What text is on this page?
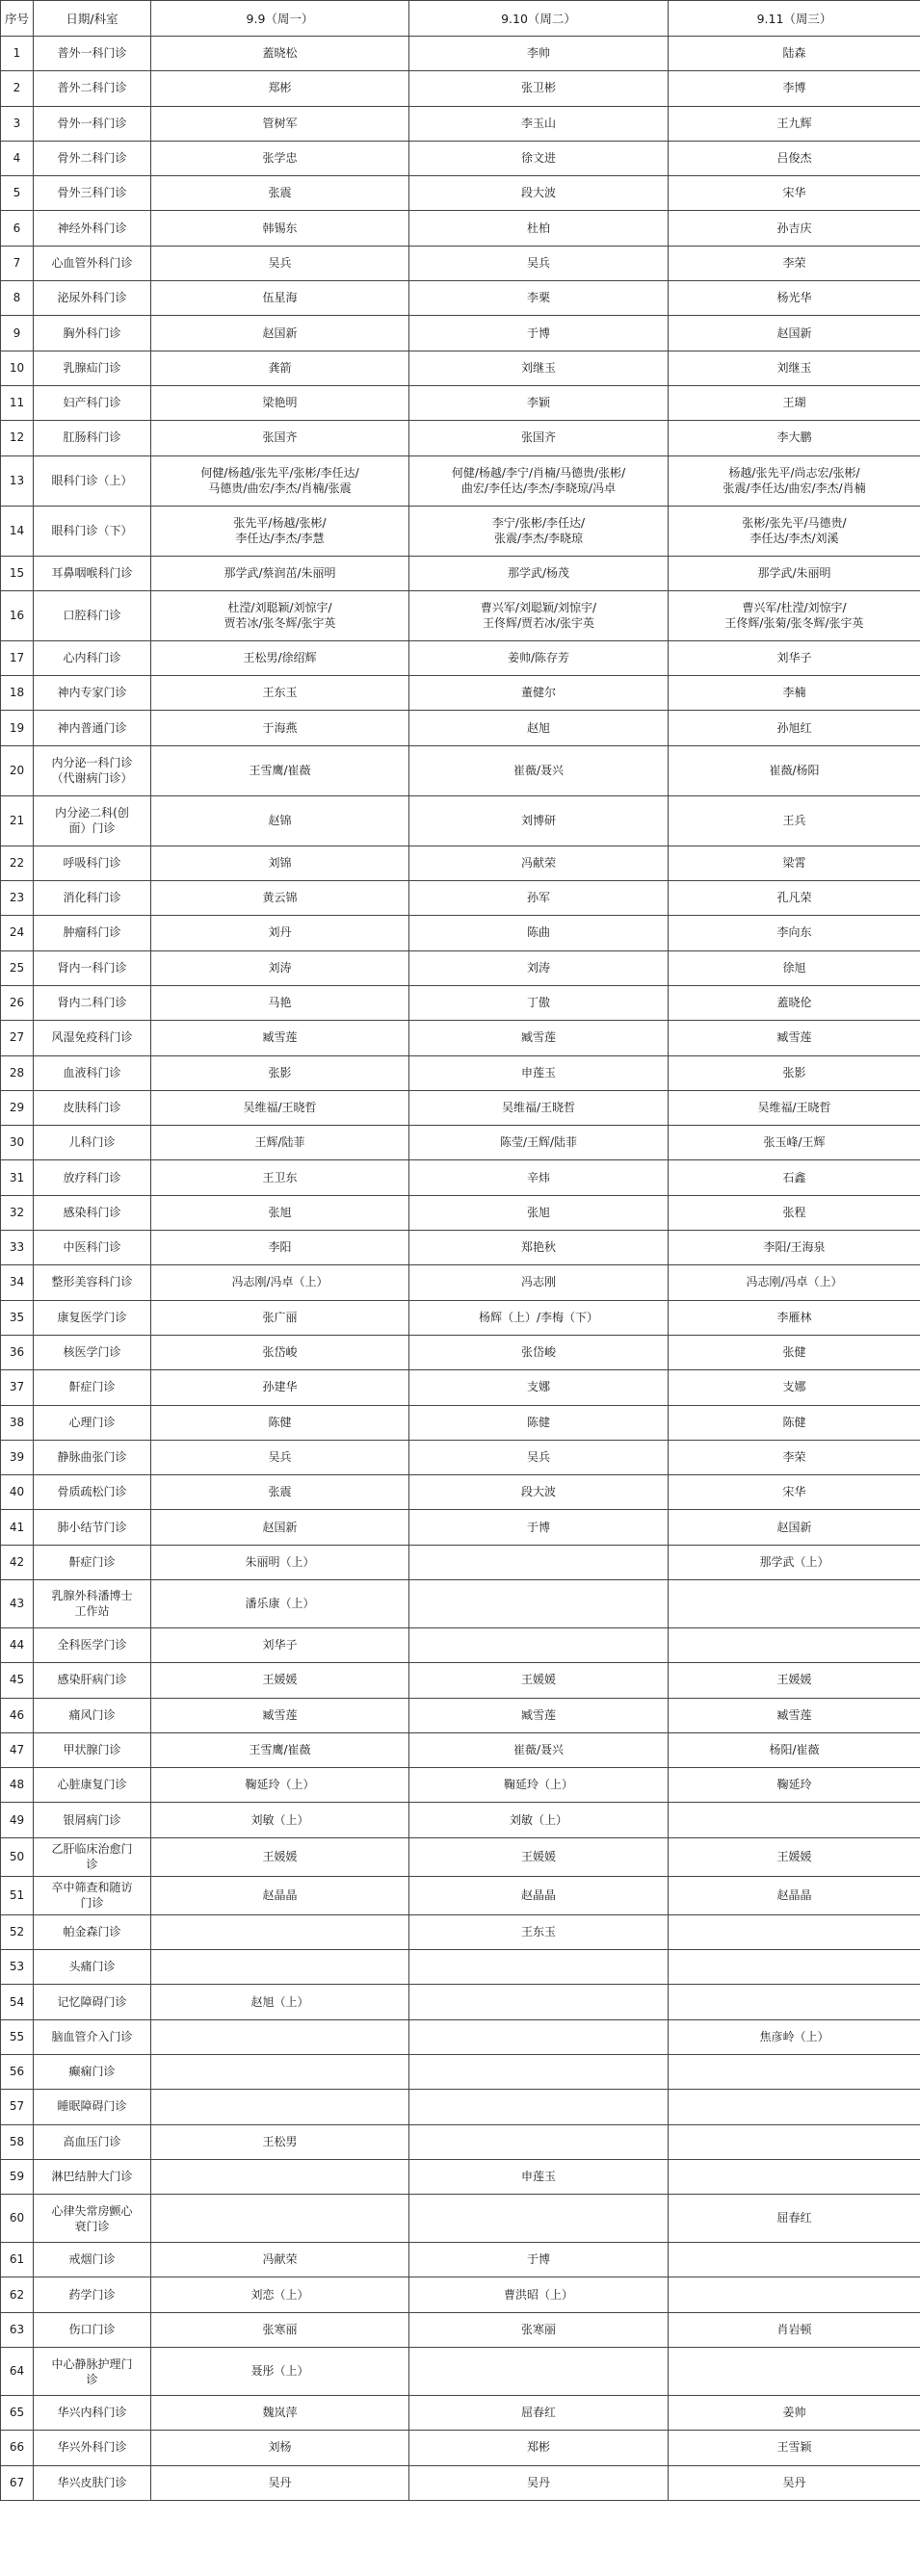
序号	日期/科室	9.9（周一）	9.10（周二）	9.11（周三）
1	普外一科门诊	蓋晓松	李帅	陆森
2	普外二科门诊	郑彬	张卫彬	李博
3	骨外一科门诊	管树军	李玉山	王九辉
4	骨外二科门诊	张学忠	徐文进	吕俊杰
5	骨外三科门诊	张震	段大波	宋华
6	神经外科门诊	韩锡东	杜柏	孙吉庆
7	心血管外科门诊	吴兵	吴兵	李荣
8	泌尿外科门诊	伍星海	李栗	杨光华
9	胸外科门诊	赵国新	于博	赵国新
10	乳腺疝门诊	龚箭	刘继玉	刘继玉
11	妇产科门诊	梁艳明	李颖	王瑚
12	肛肠科门诊	张国齐	张国齐	李大鹏
13	眼科门诊（上）	何健/杨越/张先平/张彬/李任达/
马德贵/曲宏/李杰/肖楠/张震	何健/杨越/李宁/肖楠/马德贵/张彬/
曲宏/李任达/李杰/李晓琼/冯卓	杨越/张先平/尚志宏/张彬/
张震/李任达/曲宏/李杰/肖楠
14	眼科门诊（下）	张先平/杨越/张彬/
李任达/李杰/李慧	李宁/张彬/李任达/
张震/李杰/李晓琼	张彬/张先平/马德贵/
李任达/李杰/刘溪
15	耳鼻咽喉科门诊	那学武/蔡润茁/朱丽明	那学武/杨茂	那学武/朱丽明
16	口腔科门诊	杜滢/刘聪颖/刘惊宇/
贾若冰/张冬辉/张宇英	曹兴军/刘聪颖/刘惊宇/
王佟辉/贾若冰/张宇英	曹兴军/杜滢/刘惊宇/
王佟辉/张菊/张冬辉/张宇英
17	心内科门诊	王松男/徐绍辉	姜帅/陈存芳	刘华子
18	神内专家门诊	王东玉	董健尔	李楠
19	神内普通门诊	于海燕	赵旭	孙旭红
20	内分泌一科门诊
（代谢病门诊）	王雪鹰/崔薇	崔薇/聂兴	崔薇/杨阳
21	内分泌二科(创
面）门诊	赵锦	刘博研	王兵
22	呼吸科门诊	刘锦	冯献荣	梁霄
23	消化科门诊	黄云锦	孙军	孔凡荣
24	肿瘤科门诊	刘丹	陈曲	李向东
25	肾内一科门诊	刘涛	刘涛	徐旭
26	肾内二科门诊	马艳	丁傲	蓋晓伦
27	风湿免疫科门诊	臧雪莲	臧雪莲	臧雪莲
28	血液科门诊	张影	申莲玉	张影
29	皮肤科门诊	吴维福/王晓哲	吴维福/王晓哲	吴维福/王晓哲
30	儿科门诊	王辉/陆菲	陈莹/王辉/陆菲	张玉峰/王辉
31	放疗科门诊	王卫东	辛炜	石鑫
32	感染科门诊	张旭	张旭	张程
33	中医科门诊	李阳	郑艳秋	李阳/王海泉
34	整形美容科门诊	冯志刚/冯卓（上）	冯志刚	冯志刚/冯卓（上）
35	康复医学门诊	张广丽	杨辉（上）/李梅（下）	李雁林
36	核医学门诊	张岱峻	张岱峻	张健
37	鼾症门诊	孙建华	支娜	支娜
38	心理门诊	陈健	陈健	陈健
39	静脉曲张门诊	吴兵	吴兵	李荣
40	骨质疏松门诊	张震	段大波	宋华
41	肺小结节门诊	赵国新	于博	赵国新
42	鼾症门诊	朱丽明（上）		那学武（上）
43	乳腺外科潘博士
工作站	潘乐康（上）		
44	全科医学门诊	刘华子		
45	感染肝病门诊	王媛媛	王媛媛	王媛媛
46	痛风门诊	臧雪莲	臧雪莲	臧雪莲
47	甲状腺门诊	王雪鹰/崔薇	崔薇/聂兴	杨阳/崔薇
48	心脏康复门诊	鞠延玲（上）	鞠延玲（上）	鞠延玲
49	银屑病门诊	刘敏（上）	刘敏（上）	
50	乙肝临床治愈门
诊	王媛媛	王媛媛	王媛媛
51	卒中筛查和随访
门诊	赵晶晶	赵晶晶	赵晶晶
52	帕金森门诊		王东玉	
53	头痛门诊			
54	记忆障碍门诊	赵旭（上）		
55	脑血管介入门诊			焦彦岭（上）
56	癫痫门诊			
57	睡眠障碍门诊			
58	高血压门诊	王松男		
59	淋巴结肿大门诊		申莲玉	
60	心律失常房颤心
衰门诊			屈春红
61	戒烟门诊	冯献荣	于博	
62	药学门诊	刘恋（上）	曹洪昭（上）	
63	伤口门诊	张寒丽	张寒丽	肖岩顿
64	中心静脉护理门
诊	聂彤（上）		
65	华兴内科门诊	魏岚萍	屈春红	姜帅
66	华兴外科门诊	刘杨	郑彬	王雪颖
67	华兴皮肤门诊	吴丹	吴丹	吴丹
